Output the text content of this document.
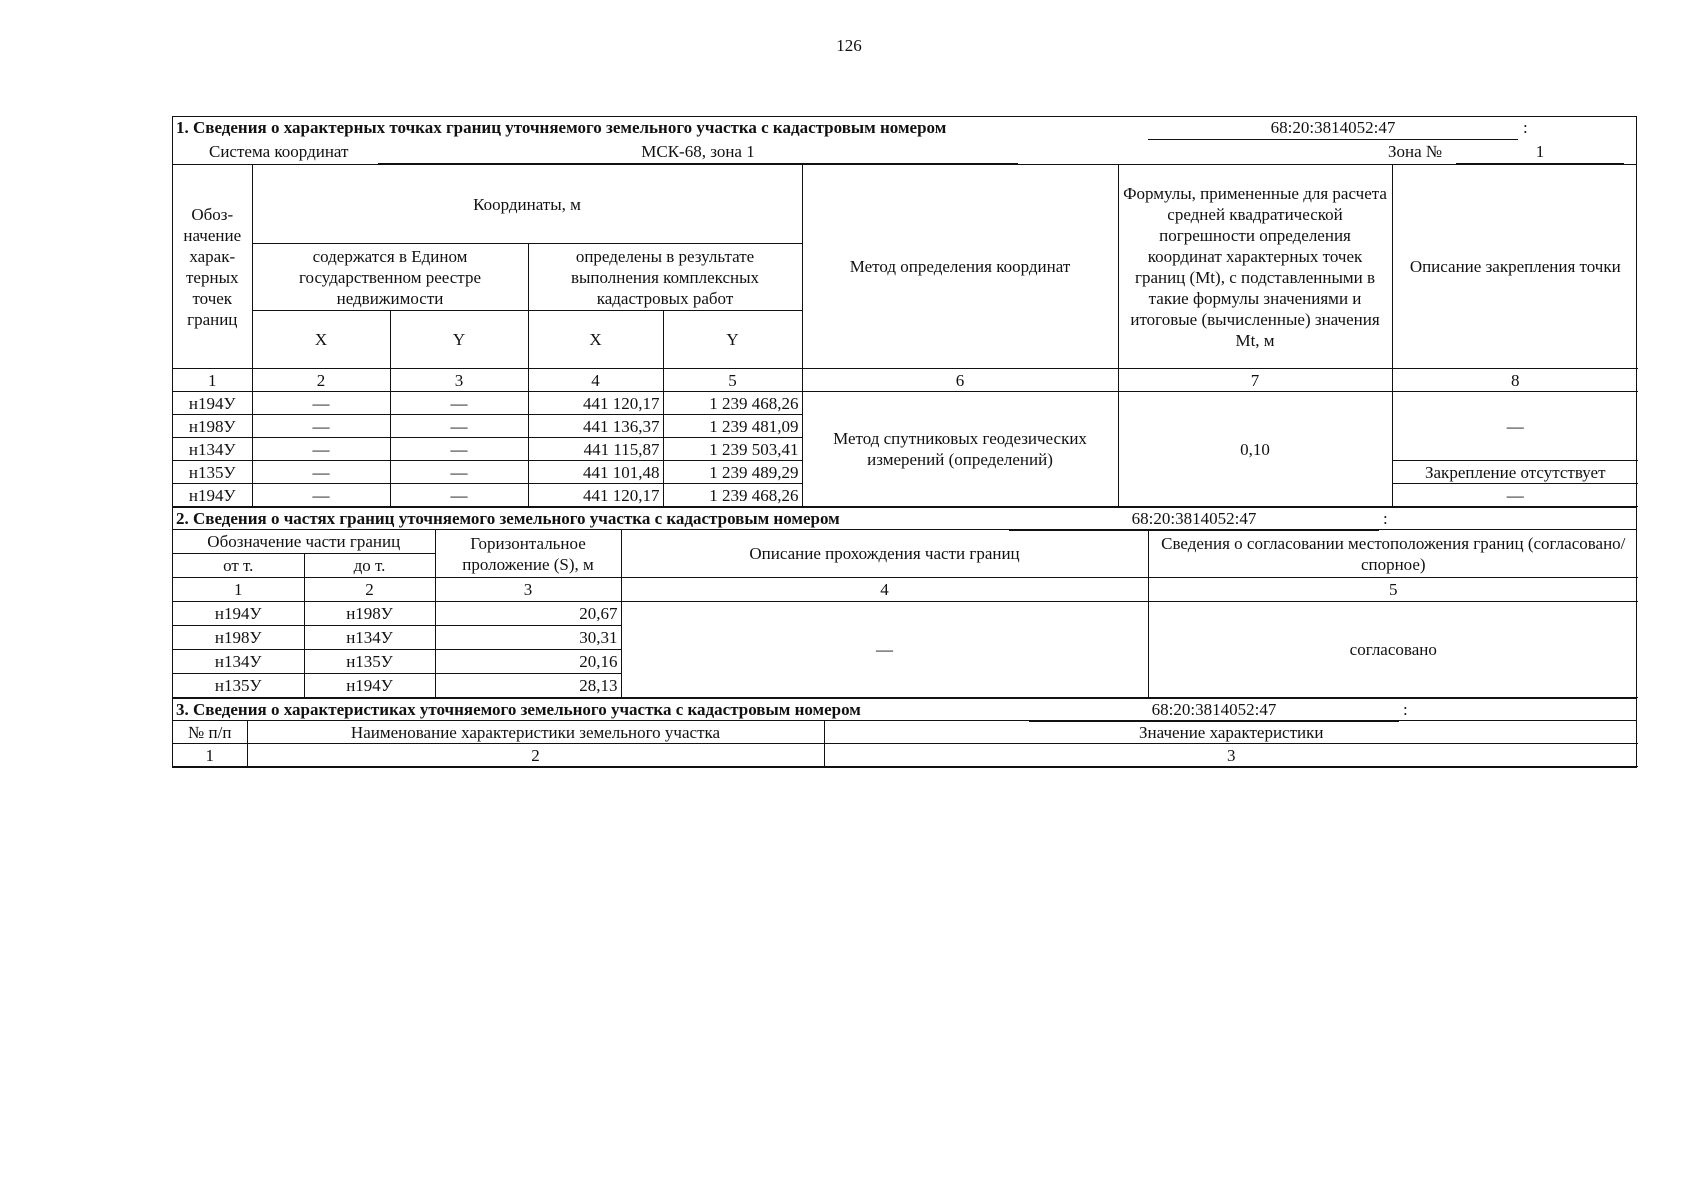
126
1. Сведения о характерных точках границ уточняемого земельного участка с кадастровым номером	68:20:3814052:47	:
Система координат	МСК-68, зона 1	Зона №	1
Обоз-начение харак-терных точек границ	Координаты, м				Метод определения координат	Формулы, примененные для расчета средней квадратической погрешности определения координат характерных точек границ (Mt), с подставленными в такие формулы значениями и итоговые (вычисленные) значения Mt, м	Описание закрепления точки
	содержатся в Едином государственном реестре недвижимости		определены в результате выполнения комплексных кадастровых работ				
	X	Y	X	Y			
1	2	3	4	5	6	7	8
н194У	—	—	441 120,17	1 239 468,26	Метод спутниковых геодезических измерений (определений)	0,10	—
н198У	—	—	441 136,37	1 239 481,09			
н134У	—	—	441 115,87	1 239 503,41			
н135У	—	—	441 101,48	1 239 489,29			Закрепление отсутствует
н194У	—	—	441 120,17	1 239 468,26			—
2. Сведения о частях границ уточняемого земельного участка с кадастровым номером	68:20:3814052:47	:
Обозначение части границ		Горизонтальное проложение (S), м	Описание прохождения части границ	Сведения о согласовании местоположения границ (согласовано/спорное)
от т.	до т.			
1	2	3	4	5
н194У	н198У	20,67	—	согласовано
н198У	н134У	30,31		
н134У	н135У	20,16		
н135У	н194У	28,13		
3. Сведения о характеристиках уточняемого земельного участка с кадастровым номером	68:20:3814052:47	:
№ п/п	Наименование характеристики земельного участка	Значение характеристики
1	2	3
